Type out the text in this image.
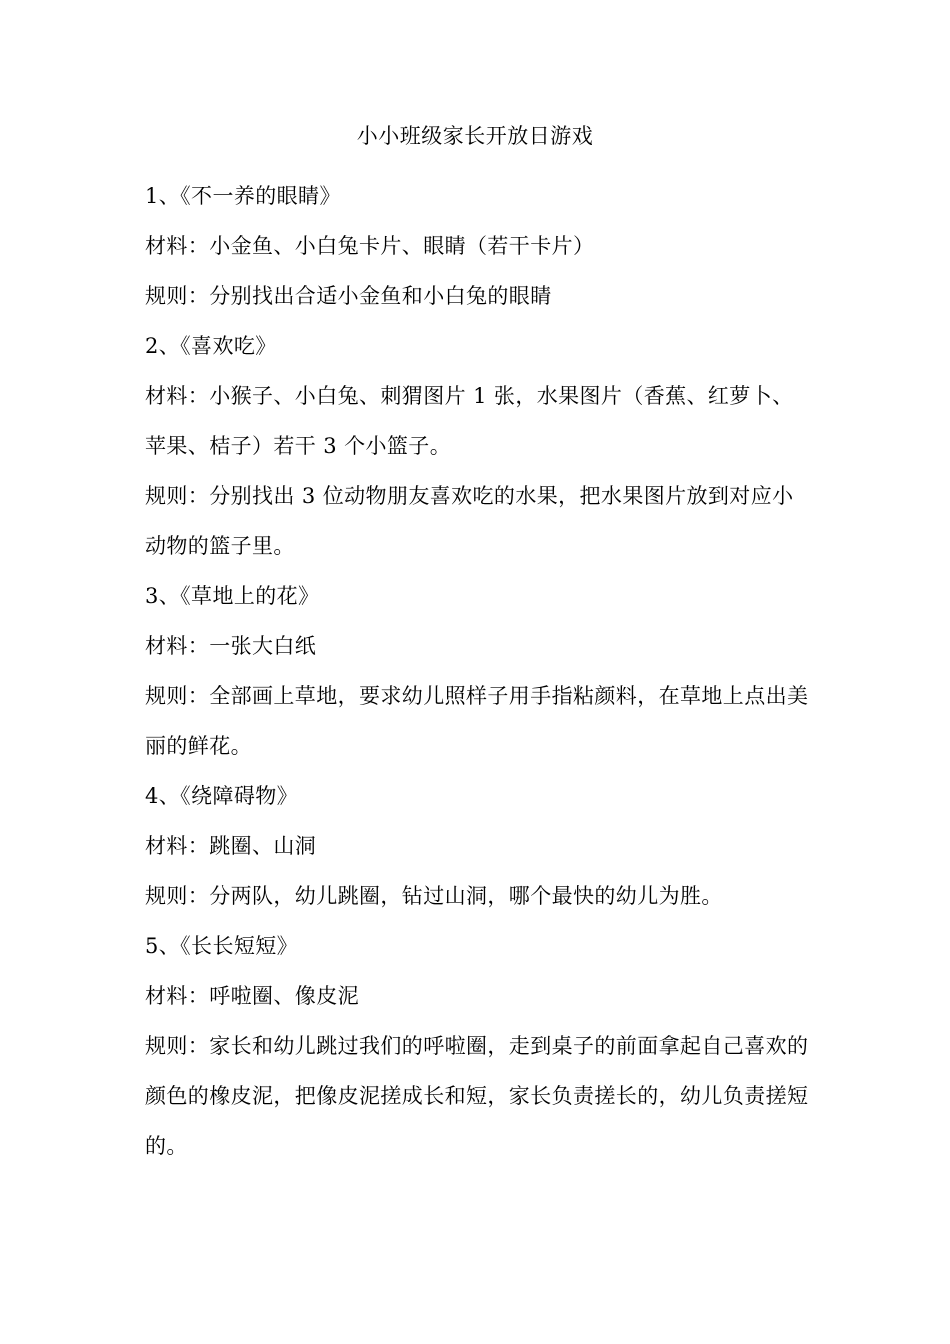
小小班级家长开放日游戏

1、《不一养的眼睛》

材料：小金鱼、小白兔卡片、眼睛（若干卡片）

规则：分别找出合适小金鱼和小白兔的眼睛

2、《喜欢吃》

材料：小猴子、小白兔、刺猬图片 1 张，水果图片（香蕉、红萝卜、苹果、桔子）若干 3 个小篮子。

规则：分别找出 3 位动物朋友喜欢吃的水果，把水果图片放到对应小动物的篮子里。

3、《草地上的花》

材料：一张大白纸

规则：全部画上草地，要求幼儿照样子用手指粘颜料，在草地上点出美丽的鲜花。

4、《绕障碍物》

材料：跳圈、山洞

规则：分两队，幼儿跳圈，钻过山洞，哪个最快的幼儿为胜。

5、《长长短短》

材料：呼啦圈、像皮泥

规则：家长和幼儿跳过我们的呼啦圈，走到桌子的前面拿起自己喜欢的颜色的橡皮泥，把像皮泥搓成长和短，家长负责搓长的，幼儿负责搓短的。
